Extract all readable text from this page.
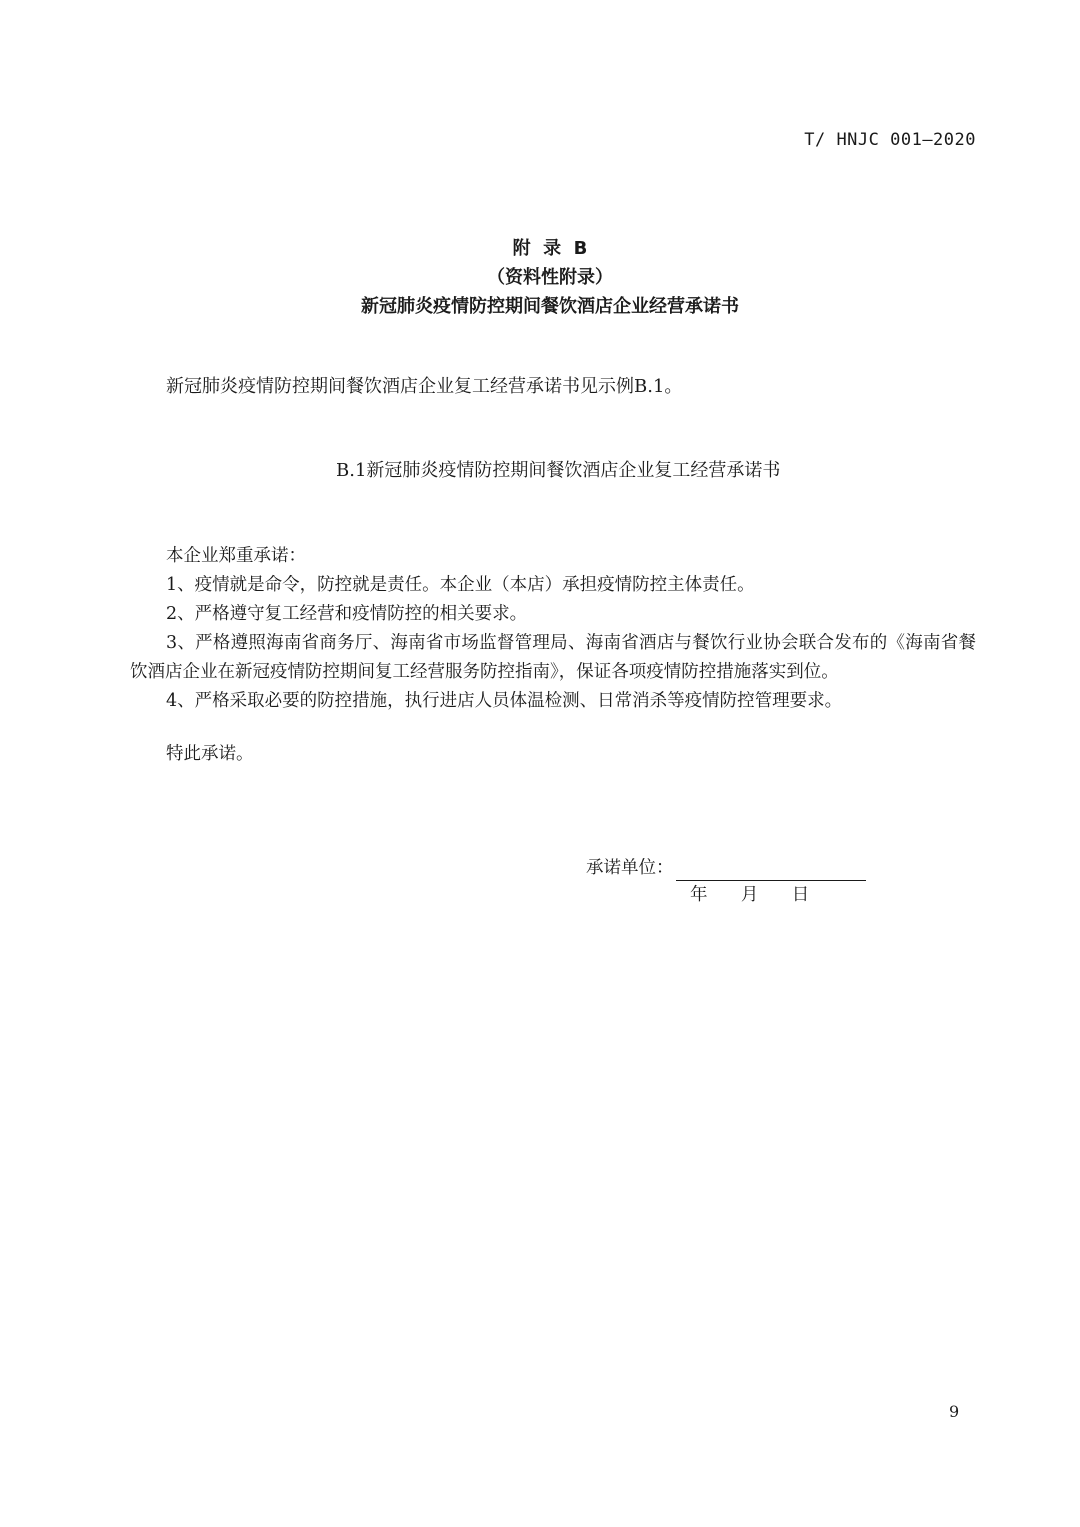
T/ HNJC 001—2020
附  录  B
（资料性附录）
新冠肺炎疫情防控期间餐饮酒店企业经营承诺书
新冠肺炎疫情防控期间餐饮酒店企业复工经营承诺书见示例B.1。
B.1新冠肺炎疫情防控期间餐饮酒店企业复工经营承诺书

本企业郑重承诺：

1、疫情就是命令，防控就是责任。本企业（本店）承担疫情防控主体责任。

2、严格遵守复工经营和疫情防控的相关要求。

3、严格遵照海南省商务厅、海南省市场监督管理局、海南省酒店与餐饮行业协会联合发布的《海南省餐饮酒店企业在新冠疫情防控期间复工经营服务防控指南》，保证各项疫情防控措施落实到位。

4、严格采取必要的防控措施，执行进店人员体温检测、日常消杀等疫情防控管理要求。

特此承诺。
承诺单位：
年      月      日
9
